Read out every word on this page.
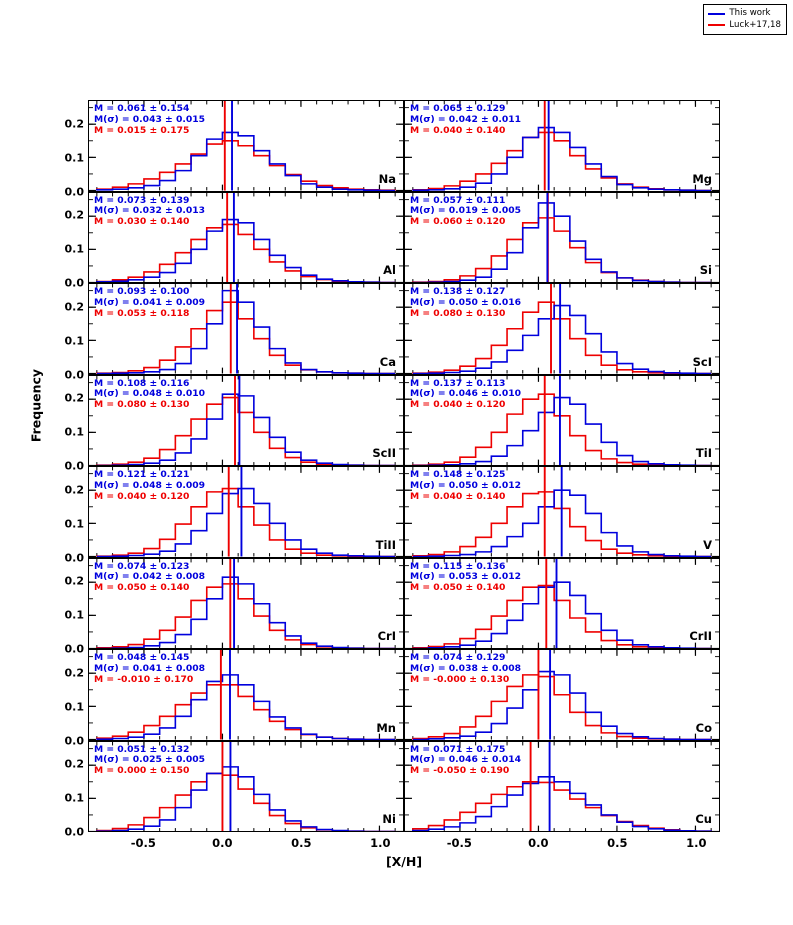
Frequency
0.0
0.1
0.2
0.0
0.1
0.2
0.0
0.1
0.2
0.0
0.1
0.2
0.0
0.1
0.2
0.0
0.1
0.2
0.0
0.1
0.2
0.0
0.1
0.2
M = 0.061 ± 0.154
M(σ) = 0.043 ± 0.015
M = 0.015 ± 0.175
Na
M = 0.065 ± 0.129
M(σ) = 0.042 ± 0.011
M = 0.040 ± 0.140
Mg
M = 0.073 ± 0.139
M(σ) = 0.032 ± 0.013
M = 0.030 ± 0.140
Al
M = 0.057 ± 0.111
M(σ) = 0.019 ± 0.005
M = 0.060 ± 0.120
Si
M = 0.093 ± 0.100
M(σ) = 0.041 ± 0.009
M = 0.053 ± 0.118
Ca
M = 0.138 ± 0.127
M(σ) = 0.050 ± 0.016
M = 0.080 ± 0.130
ScI
M = 0.108 ± 0.116
M(σ) = 0.048 ± 0.010
M = 0.080 ± 0.130
ScII
M = 0.137 ± 0.113
M(σ) = 0.046 ± 0.010
M = 0.040 ± 0.120
TiI
M = 0.121 ± 0.121
M(σ) = 0.048 ± 0.009
M = 0.040 ± 0.120
TiII
M = 0.148 ± 0.125
M(σ) = 0.050 ± 0.012
M = 0.040 ± 0.140
V
M = 0.074 ± 0.123
M(σ) = 0.042 ± 0.008
M = 0.050 ± 0.140
CrI
M = 0.115 ± 0.136
M(σ) = 0.053 ± 0.012
M = 0.050 ± 0.140
CrII
M = 0.048 ± 0.145
M(σ) = 0.041 ± 0.008
M = -0.010 ± 0.170
Mn
M = 0.074 ± 0.129
M(σ) = 0.038 ± 0.008
M = -0.000 ± 0.130
Co
M = 0.051 ± 0.132
M(σ) = 0.025 ± 0.005
M = 0.000 ± 0.150
Ni
M = 0.071 ± 0.175
M(σ) = 0.046 ± 0.014
M = -0.050 ± 0.190
Cu
-0.5	0.0	0.5	1.0	-0.5	0.0	0.5	1.0
[X/H]
This work
Luck+17,18
